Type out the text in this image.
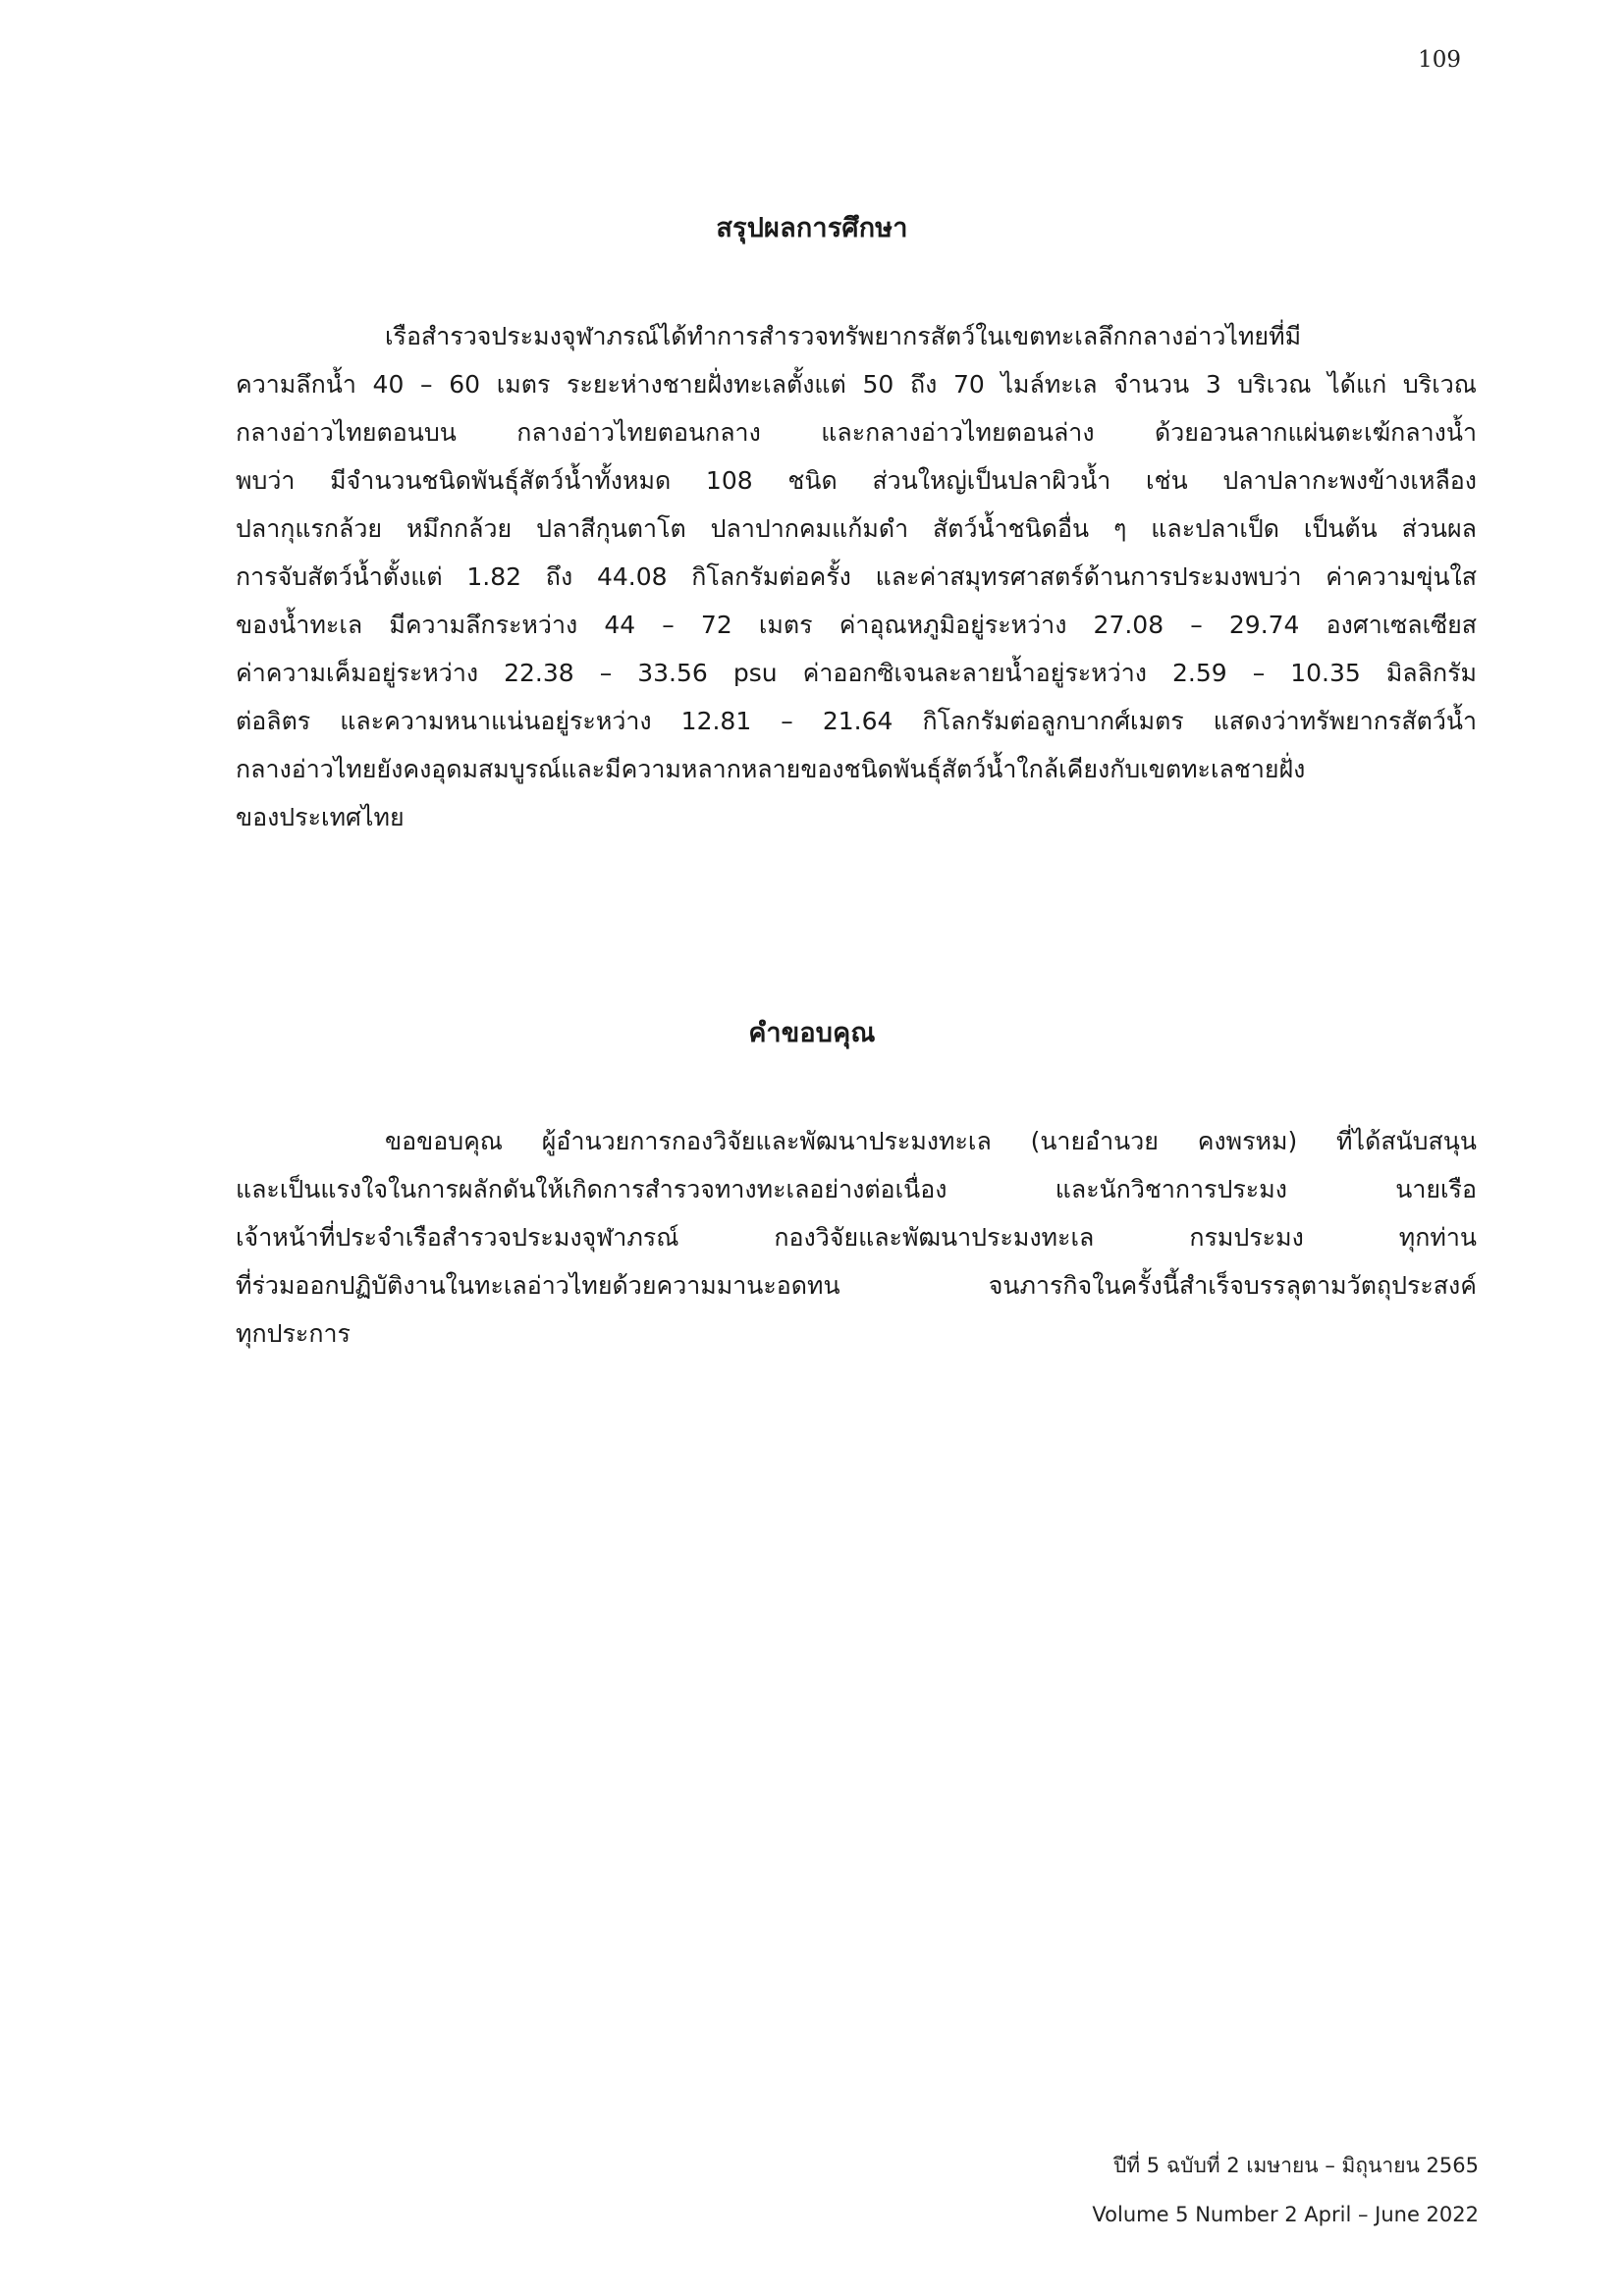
109
สรุปผลการศึกษา
เรือสำรวจประมงจุฬาภรณ์ได้ทำการสำรวจทรัพยากรสัตว์ในเขตทะเลลึกกลางอ่าวไทยที่มี
ความลึกน้ำ 40 – 60 เมตร ระยะห่างชายฝั่งทะเลตั้งแต่ 50 ถึง 70 ไมล์ทะเล จำนวน 3 บริเวณ ได้แก่ บริเวณ
กลางอ่าวไทยตอนบน กลางอ่าวไทยตอนกลาง และกลางอ่าวไทยตอนล่าง ด้วยอวนลากแผ่นตะเฆ้กลางน้ำ
พบว่า มีจำนวนชนิดพันธุ์สัตว์น้ำทั้งหมด 108 ชนิด ส่วนใหญ่เป็นปลาผิวน้ำ เช่น ปลาปลากะพงข้างเหลือง
ปลากุแรกล้วย หมึกกล้วย ปลาสีกุนตาโต ปลาปากคมแก้มดำ สัตว์น้ำชนิดอื่น ๆ และปลาเป็ด เป็นต้น ส่วนผล
การจับสัตว์น้ำตั้งแต่ 1.82 ถึง 44.08 กิโลกรัมต่อครั้ง และค่าสมุทรศาสตร์ด้านการประมงพบว่า ค่าความขุ่นใส
ของน้ำทะเล มีความลึกระหว่าง 44 – 72 เมตร ค่าอุณหภูมิอยู่ระหว่าง 27.08 – 29.74 องศาเซลเซียส
ค่าความเค็มอยู่ระหว่าง 22.38 – 33.56 psu ค่าออกซิเจนละลายน้ำอยู่ระหว่าง 2.59 – 10.35 มิลลิกรัม
ต่อลิตร และความหนาแน่นอยู่ระหว่าง 12.81 – 21.64 กิโลกรัมต่อลูกบากศ์เมตร แสดงว่าทรัพยากรสัตว์น้ำ
กลางอ่าวไทยยังคงอุดมสมบูรณ์และมีความหลากหลายของชนิดพันธุ์สัตว์น้ำใกล้เคียงกับเขตทะเลชายฝั่ง
ของประเทศไทย
คำขอบคุณ
ขอขอบคุณ ผู้อำนวยการกองวิจัยและพัฒนาประมงทะเล (นายอำนวย คงพรหม) ที่ได้สนับสนุน
และเป็นแรงใจในการผลักดันให้เกิดการสำรวจทางทะเลอย่างต่อเนื่อง และนักวิชาการประมง นายเรือ
เจ้าหน้าที่ประจำเรือสำรวจประมงจุฬาภรณ์ กองวิจัยและพัฒนาประมงทะเล กรมประมง ทุกท่าน
ที่ร่วมออกปฏิบัติงานในทะเลอ่าวไทยด้วยความมานะอดทน จนภารกิจในครั้งนี้สำเร็จบรรลุตามวัตถุประสงค์
ทุกประการ
ปีที่ 5 ฉบับที่ 2 เมษายน – มิถุนายน 2565
Volume 5 Number 2 April – June 2022
